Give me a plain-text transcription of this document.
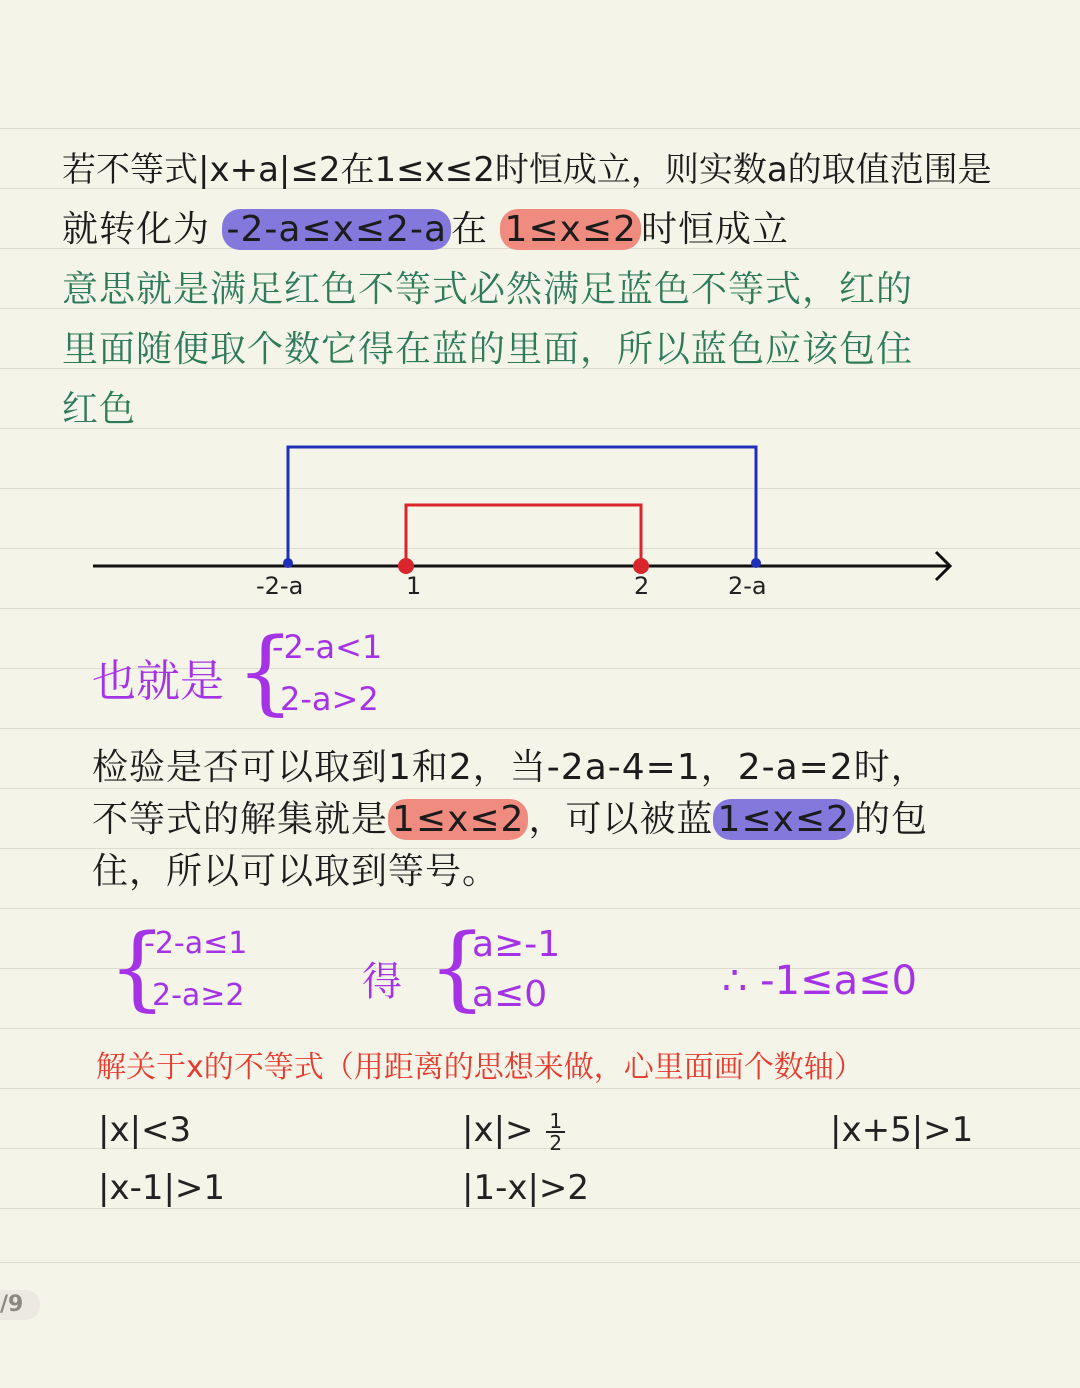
若不等式|x+a|≤2在1≤x≤2时恒成立，则实数a的取值范围是
就转化为 -2-a≤x≤2-a 在 1≤x≤2 时恒成立
意思就是满足红色不等式必然满足蓝色不等式，红的
里面随便取个数它得在蓝的里面，所以蓝色应该包住
红色
-2-a	1	2	2-a
也就是 {
-2-a<1
2-a>2
检验是否可以取到1和2，当-2a-4=1，2-a=2时，
不等式的解集就是 1≤x≤2 ，可以被蓝 1≤x≤2 的包
住，所以可以取到等号。
{
-2-a≤1
2-a≥2	得 {
a≥-1
a≤0	∴ -1≤a≤0
解关于x的不等式（用距离的思想来做，心里面画个数轴）
|x|<3	$|x|> \frac{1}{2}$	|x+5|>1
|x-1|>1	|1-x|>2
/9
